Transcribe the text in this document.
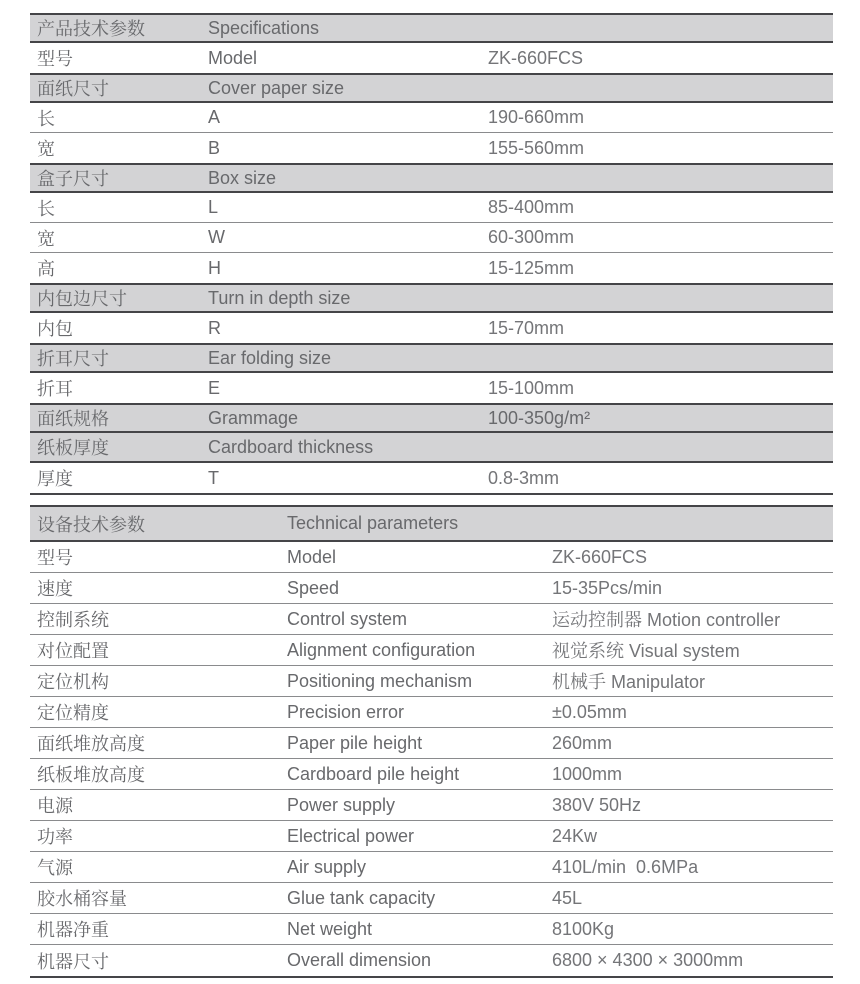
产品技术参数	Specifications
型号	Model	ZK-660FCS
面纸尺寸	Cover paper size
长	A	190-660mm
宽	B	155-560mm
盒子尺寸	Box size
长	L	85-400mm
宽	W	60-300mm
高	H	15-125mm
内包边尺寸	Turn in depth size
内包	R	15-70mm
折耳尺寸	Ear folding size
折耳	E	15-100mm
面纸规格	Grammage	100-350g/m²
纸板厚度	Cardboard thickness
厚度	T	0.8-3mm
设备技术参数	Technical parameters
型号	Model	ZK-660FCS
速度	Speed	15-35Pcs/min
控制系统	Control system	运动控制器 Motion controller
对位配置	Alignment configuration	视觉系统 Visual system
定位机构	Positioning mechanism	机械手 Manipulator
定位精度	Precision error	±0.05mm
面纸堆放高度	Paper pile height	260mm
纸板堆放高度	Cardboard pile height	1000mm
电源	Power supply	380V 50Hz
功率	Electrical power	24Kw
气源	Air supply	410L/min  0.6MPa
胶水桶容量	Glue tank capacity	45L
机器净重	Net weight	8100Kg
机器尺寸	Overall dimension	6800 × 4300 × 3000mm
